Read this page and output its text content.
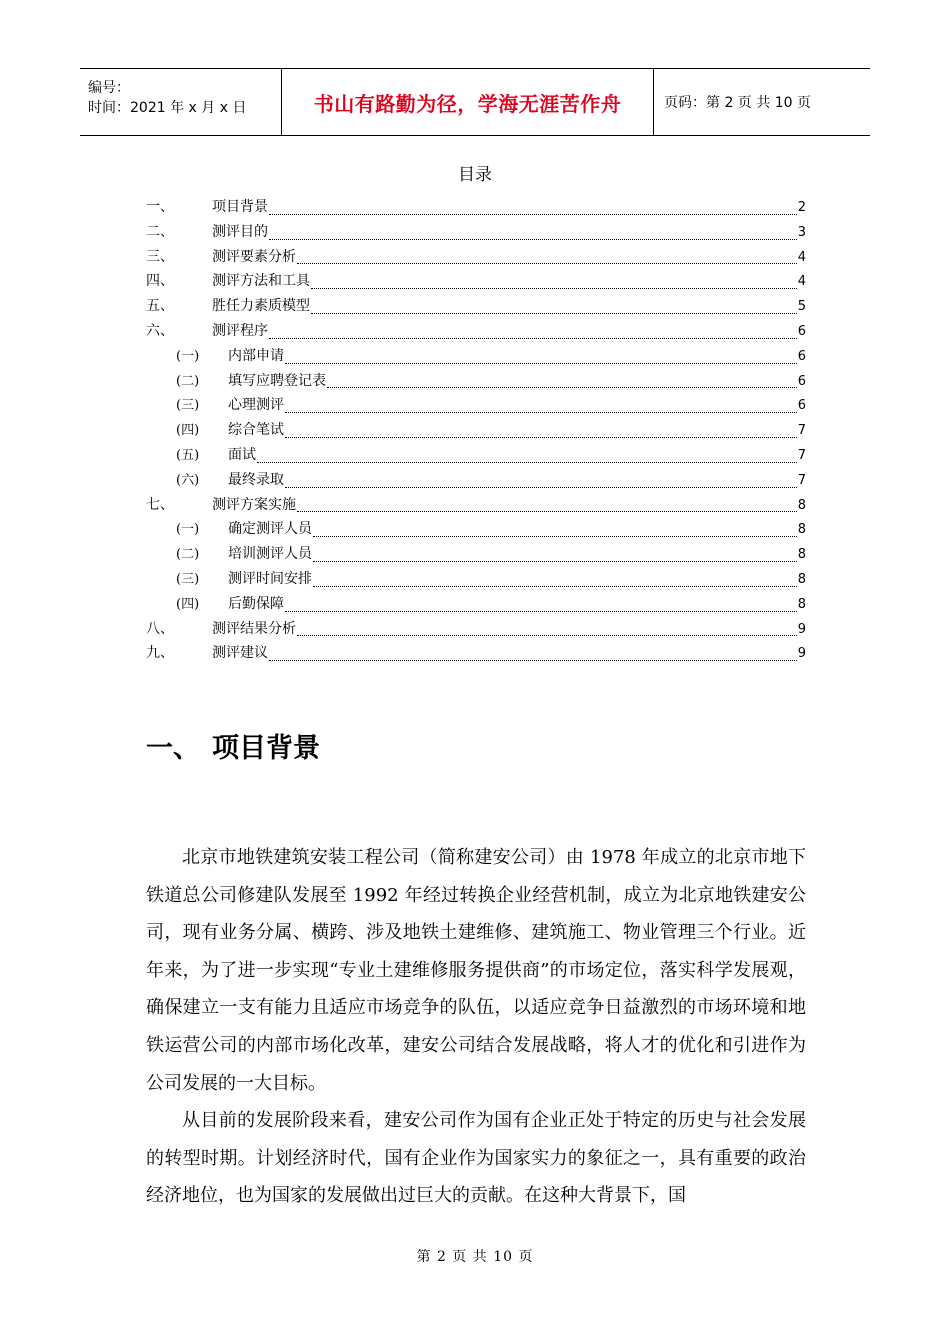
编号：
时间：2021 年 x 月 x 日	书山有路勤为径，学海无涯苦作舟	页码：第 2 页 共 10 页
目录
一、	项目背景	2
二、	测评目的	3
三、	测评要素分析	4
四、	测评方法和工具	4
五、	胜任力素质模型	5
六、	测评程序	6
(一)	内部申请	6
(二)	填写应聘登记表	6
(三)	心理测评	6
(四)	综合笔试	7
(五)	面试	7
(六)	最终录取	7
七、	测评方案实施	8
(一)	确定测评人员	8
(二)	培训测评人员	8
(三)	测评时间安排	8
(四)	后勤保障	8
八、	测评结果分析	9
九、	测评建议	9
一、 项目背景

北京市地铁建筑安装工程公司（简称建安公司）由 1978 年成立的北京市地下铁道总公司修建队发展至 1992 年经过转换企业经营机制，成立为北京地铁建安公司，现有业务分属、横跨、涉及地铁土建维修、建筑施工、物业管理三个行业。近年来，为了进一步实现“专业土建维修服务提供商”的市场定位，落实科学发展观，确保建立一支有能力且适应市场竞争的队伍，以适应竞争日益激烈的市场环境和地铁运营公司的内部市场化改革，建安公司结合发展战略，将人才的优化和引进作为公司发展的一大目标。

从目前的发展阶段来看，建安公司作为国有企业正处于特定的历史与社会发展的转型时期。计划经济时代，国有企业作为国家实力的象征之一，具有重要的政治经济地位，也为国家的发展做出过巨大的贡献。在这种大背景下，国

第 2 页 共 10 页
